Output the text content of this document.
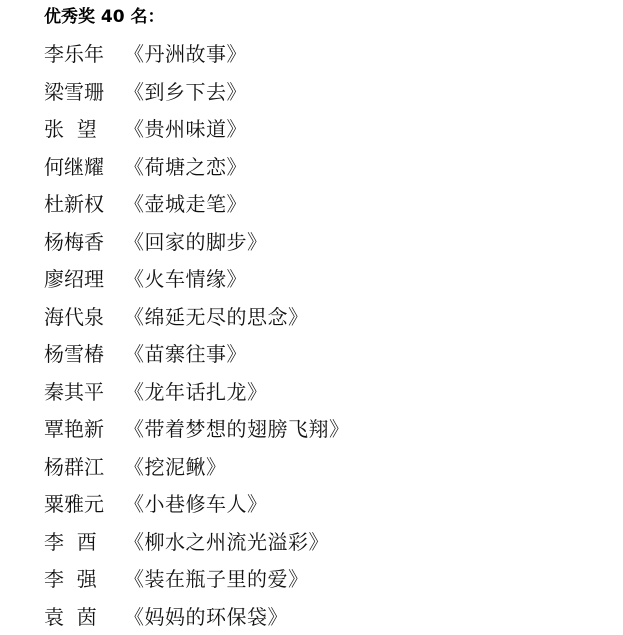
优秀奖 40 名：
李乐年	《丹洲故事》
梁雪珊	《到乡下去》
张  望	《贵州味道》
何继耀	《荷塘之恋》
杜新权	《壶城走笔》
杨梅香	《回家的脚步》
廖绍理	《火车情缘》
海代泉	《绵延无尽的思念》
杨雪椿	《苗寨往事》
秦其平	《龙年话扎龙》
覃艳新	《带着梦想的翅膀飞翔》
杨群江	《挖泥鳅》
粟雅元	《小巷修车人》
李  酉	《柳水之州流光溢彩》
李  强	《装在瓶子里的爱》
袁  茵	《妈妈的环保袋》
